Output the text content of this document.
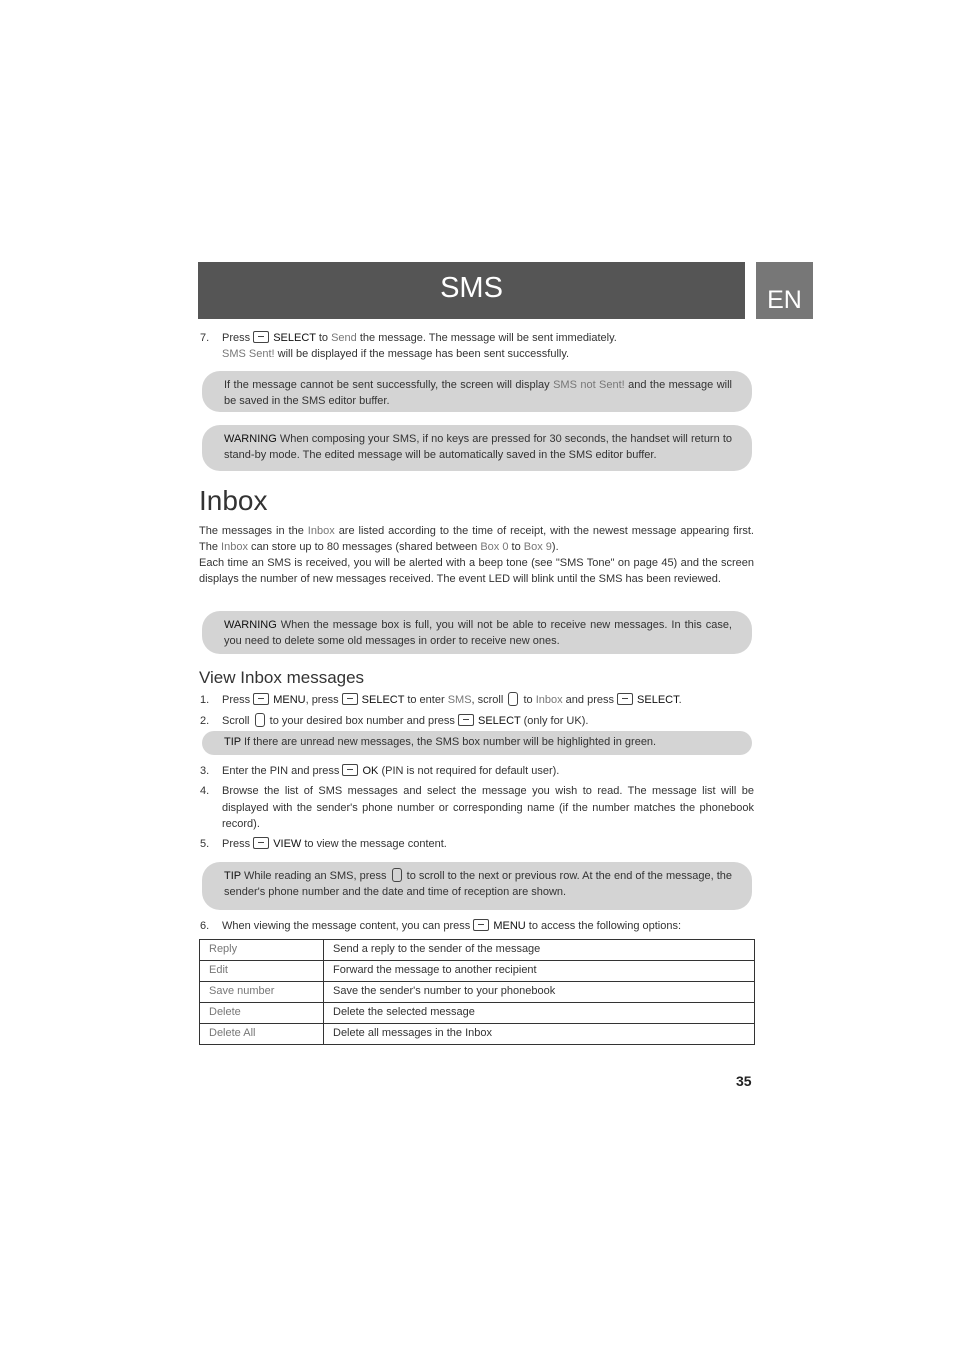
SMS	EN
7. Press SELECT to Send the message. The message will be sent immediately.
SMS Sent! will be displayed if the message has been sent successfully.
If the message cannot be sent successfully, the screen will display SMS not Sent! and the message will be saved in the SMS editor buffer.
WARNING When composing your SMS, if no keys are pressed for 30 seconds, the handset will return to stand-by mode. The edited message will be automatically saved in the SMS editor buffer.
Inbox
The messages in the Inbox are listed according to the time of receipt, with the newest message appearing first. The Inbox can store up to 80 messages (shared between Box 0 to Box 9).
Each time an SMS is received, you will be alerted with a beep tone (see "SMS Tone" on page 45) and the screen displays the number of new messages received. The event LED will blink until the SMS has been reviewed.
WARNING When the message box is full, you will not be able to receive new messages. In this case, you need to delete some old messages in order to receive new ones.
View Inbox messages
1. Press MENU, press SELECT to enter SMS, scroll to Inbox and press SELECT.
2. Scroll to your desired box number and press SELECT (only for UK).
TIP If there are unread new messages, the SMS box number will be highlighted in green.
3. Enter the PIN and press OK (PIN is not required for default user).
4. Browse the list of SMS messages and select the message you wish to read. The message list will be displayed with the sender's phone number or corresponding name (if the number matches the phonebook record).
5. Press VIEW to view the message content.
TIP While reading an SMS, press to scroll to the next or previous row. At the end of the message, the sender's phone number and the date and time of reception are shown.
6. When viewing the message content, you can press MENU to access the following options:
Reply	Send a reply to the sender of the message
Edit	Forward the message to another recipient
Save number	Save the sender's number to your phonebook
Delete	Delete the selected message
Delete All	Delete all messages in the Inbox
35
